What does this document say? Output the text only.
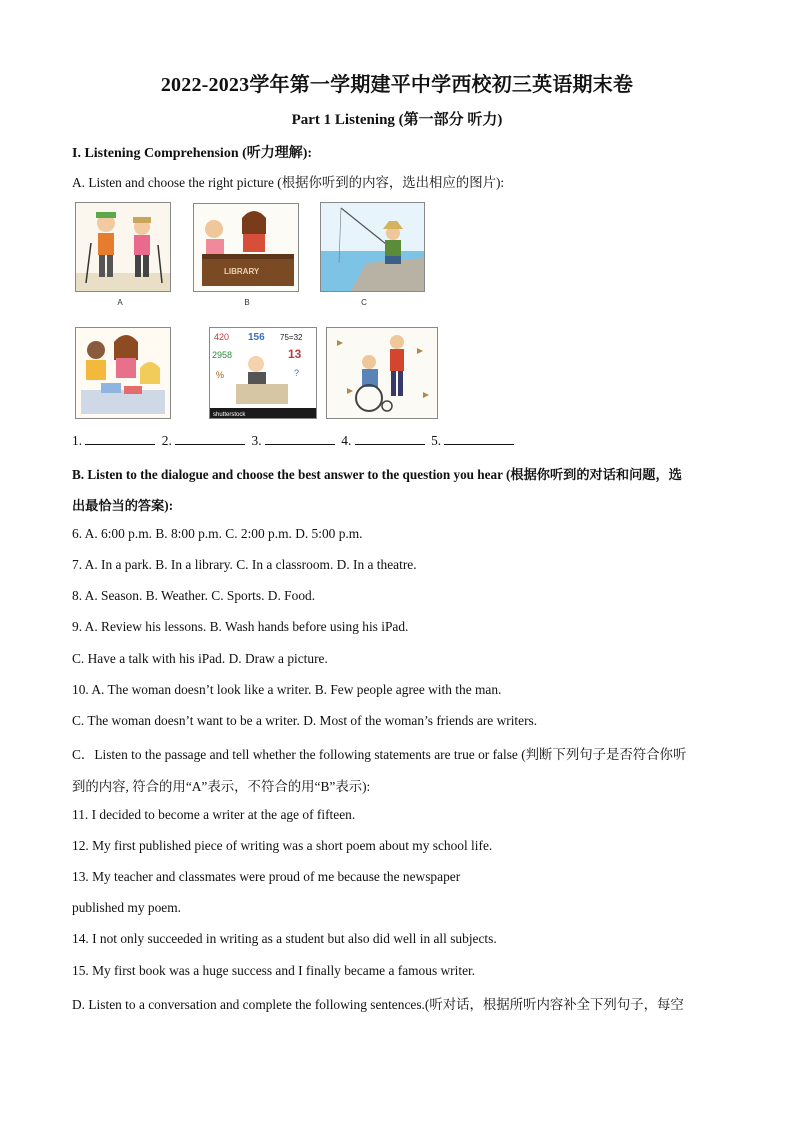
2022-2023学年第一学期建平中学西校初三英语期末卷
Part 1 Listening (第一部分 听力)
I. Listening Comprehension (听力理解):
A. Listen and choose the right picture (根据你听到的内容，选出相应的图片):
A
LIBRARY
B	C
420 156 75=32
2958	13
?
%
shutterstock
1.	2.	3.	4.	5.
B. Listen to the dialogue and choose the best answer to the question you hear (根据你听到的对话和问题，选
出最恰当的答案):
6. A. 6:00 p.m. B. 8:00 p.m. C. 2:00 p.m. D. 5:00 p.m.
7. A. In a park. B. In a library. C. In a classroom. D. In a theatre.
8. A. Season. B. Weather. C. Sports. D. Food.
9. A. Review his lessons. B. Wash hands before using his iPad.
C. Have a talk with his iPad. D. Draw a picture.
10. A. The woman doesn’t look like a writer. B. Few people agree with the man.
C. The woman doesn’t want to be a writer. D. Most of the woman’s friends are writers.
C．Listen to the passage and tell whether the following statements are true or false (判断下列句子是否符合你听
到的内容, 符合的用“A”表示，不符合的用“B”表示):
11. I decided to become a writer at the age of fifteen.
12. My first published piece of writing was a short poem about my school life.
13. My teacher and classmates were proud of me because the newspaper
published my poem.
14. I not only succeeded in writing as a student but also did well in all subjects.
15. My first book was a huge success and I finally became a famous writer.
D. Listen to a conversation and complete the following sentences.(听对话，根据所听内容补全下列句子，每空
